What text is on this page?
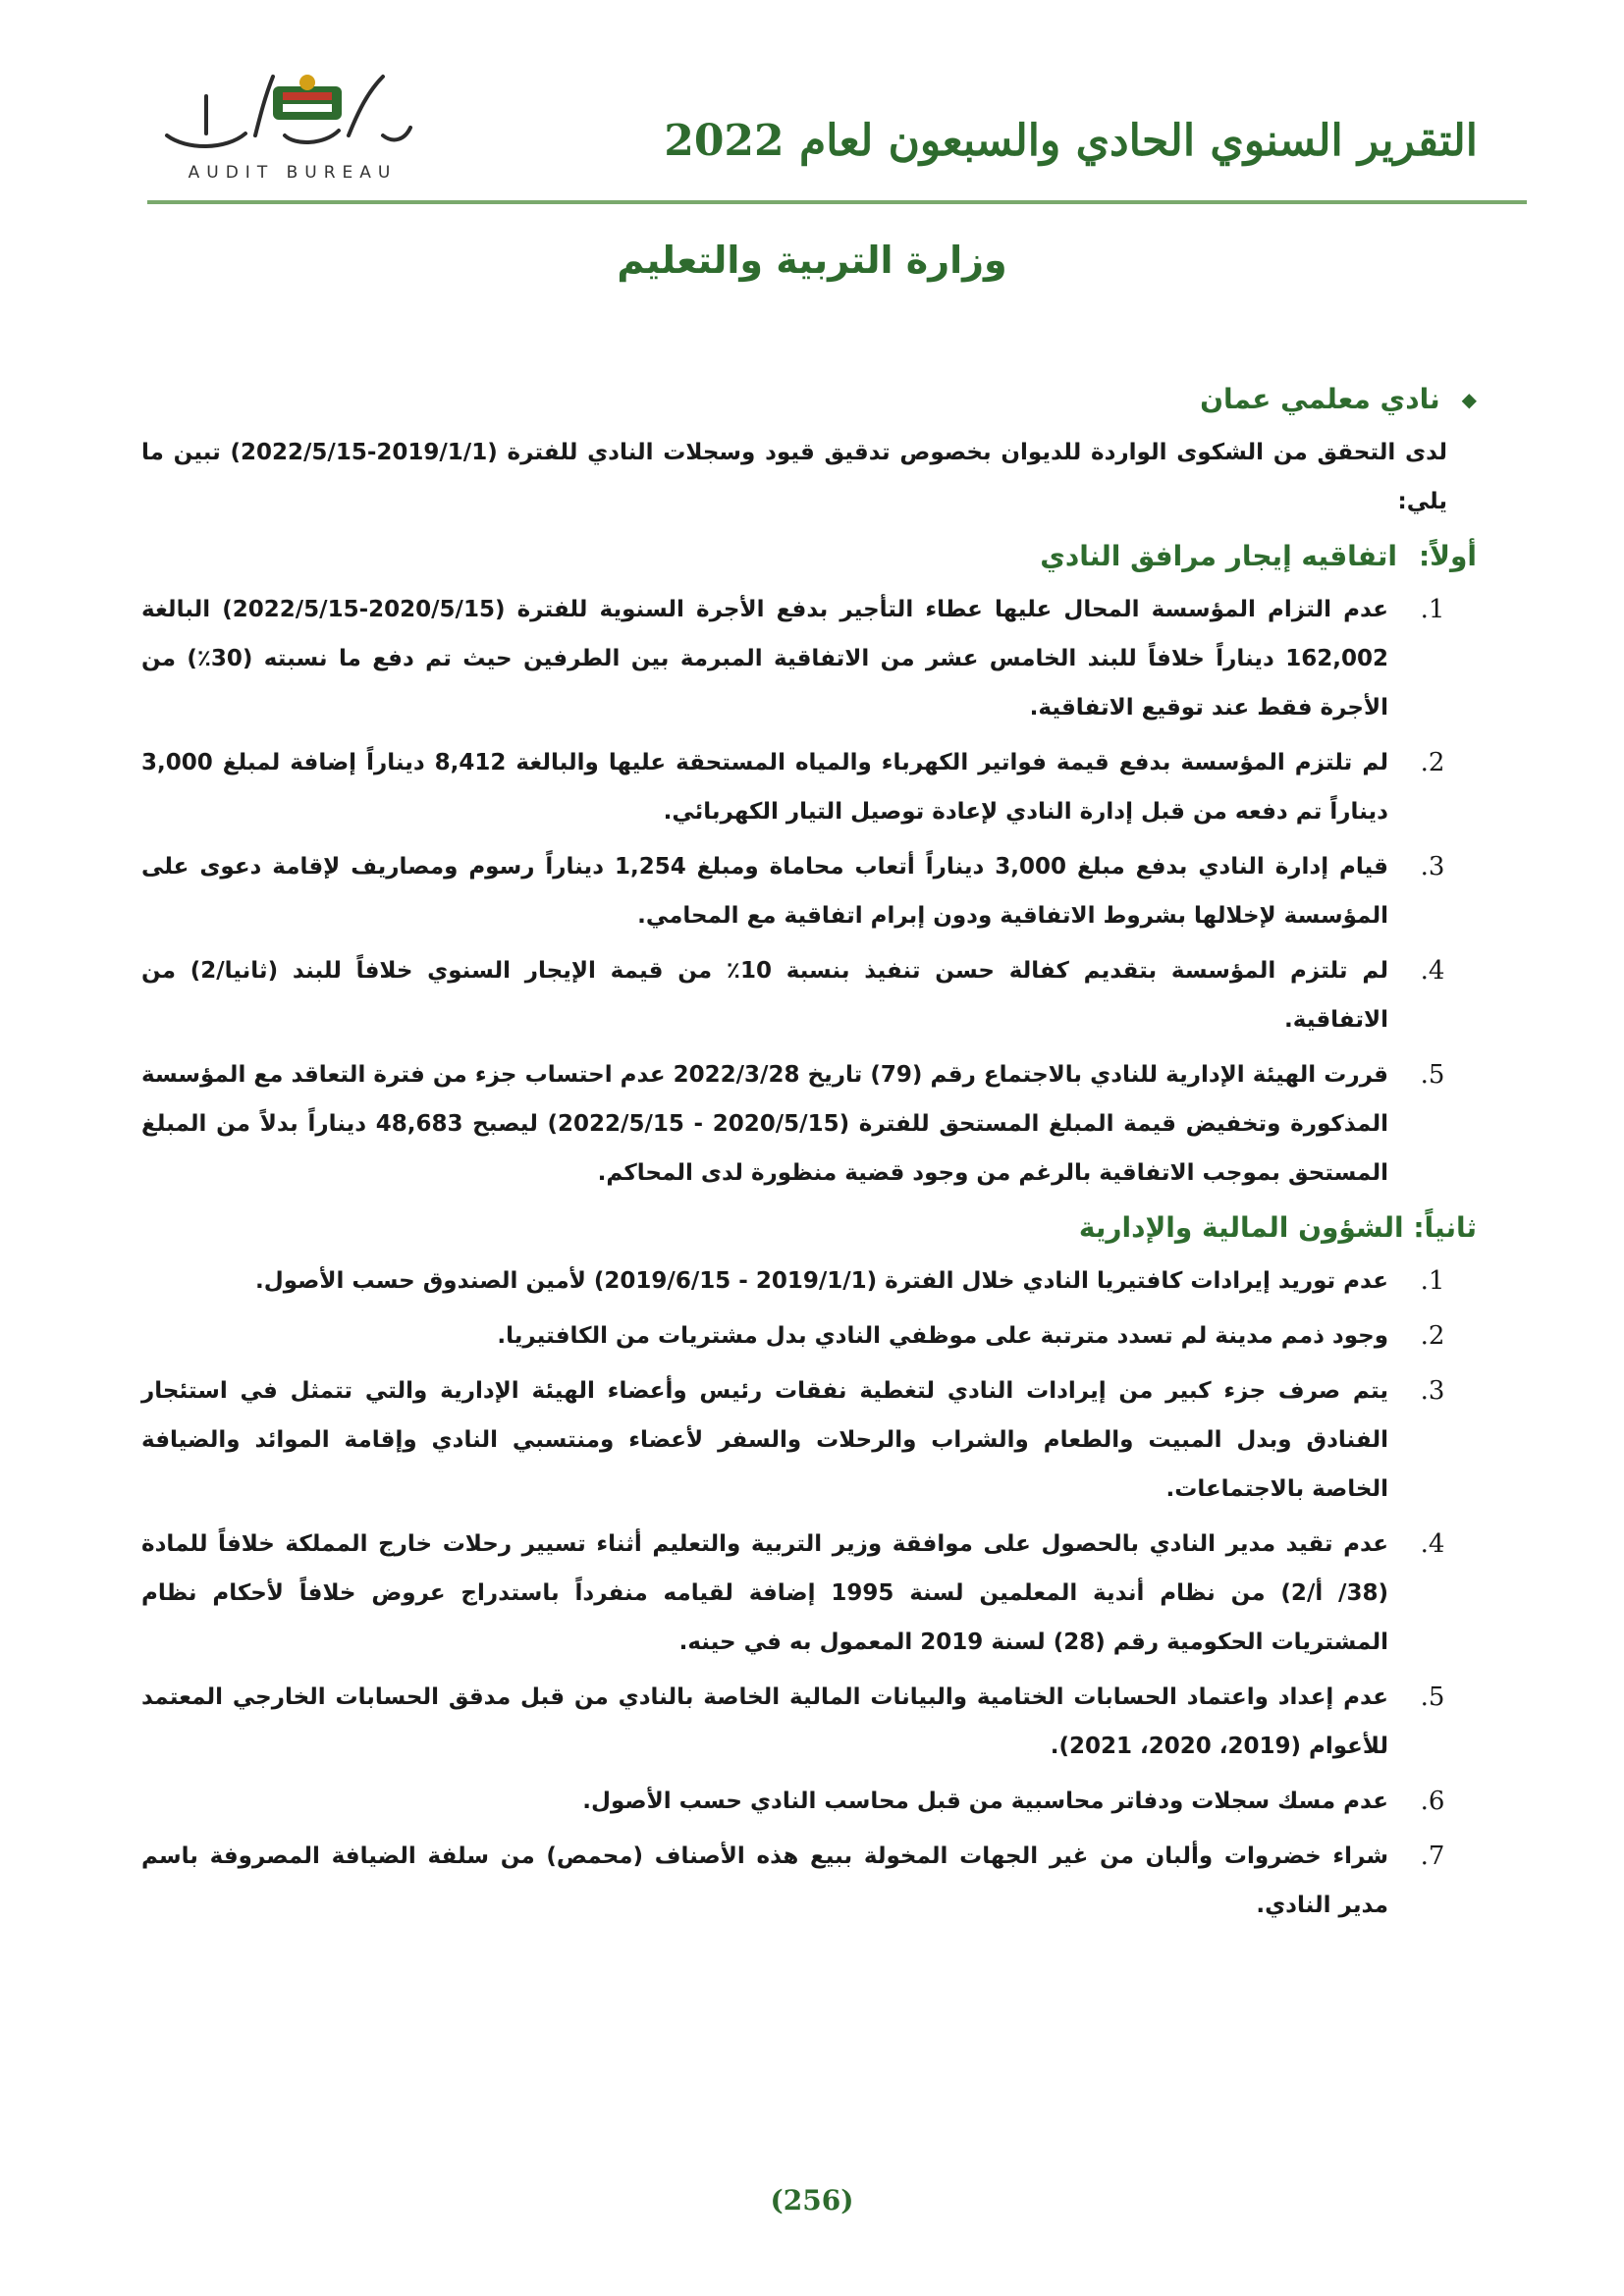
التقرير السنوي الحادي والسبعون لعام 2022
AUDIT BUREAU
وزارة التربية والتعليم
◆
نادي معلمي عمان
لدى التحقق من الشكوى الواردة للديوان بخصوص تدقيق قيود وسجلات النادي للفترة (2019/1/1-2022/5/15) تبين ما يلي:
أولاً:اتفاقيه إيجار مرافق النادي
1.
عدم التزام المؤسسة المحال عليها عطاء التأجير بدفع الأجرة السنوية للفترة (2020/5/15-2022/5/15) البالغة 162,002 ديناراً خلافاً للبند الخامس عشر من الاتفاقية المبرمة بين الطرفين حيث تم دفع ما نسبته (30٪) من الأجرة فقط عند توقيع الاتفاقية.
2.
لم تلتزم المؤسسة بدفع قيمة فواتير الكهرباء والمياه المستحقة عليها والبالغة 8,412 ديناراً إضافة لمبلغ 3,000 ديناراً تم دفعه من قبل إدارة النادي لإعادة توصيل التيار الكهربائي.
3.
قيام إدارة النادي بدفع مبلغ 3,000 ديناراً أتعاب محاماة ومبلغ 1,254 ديناراً رسوم ومصاريف لإقامة دعوى على المؤسسة لإخلالها بشروط الاتفاقية ودون إبرام اتفاقية مع المحامي.
4.
لم تلتزم المؤسسة بتقديم كفالة حسن تنفيذ بنسبة 10٪ من قيمة الإيجار السنوي خلافاً للبند (ثانيا/2) من الاتفاقية.
5.
قررت الهيئة الإدارية للنادي بالاجتماع رقم (79) تاريخ 2022/3/28 عدم احتساب جزء من فترة التعاقد مع المؤسسة المذكورة وتخفيض قيمة المبلغ المستحق للفترة (2020/5/15 - 2022/5/15) ليصبح 48,683 ديناراً بدلاً من المبلغ المستحق بموجب الاتفاقية بالرغم من وجود قضية منظورة لدى المحاكم.
ثانياً: الشؤون المالية والإدارية
1.
عدم توريد إيرادات كافتيريا النادي خلال الفترة (2019/1/1 - 2019/6/15) لأمين الصندوق حسب الأصول.
2.
وجود ذمم مدينة لم تسدد مترتبة على موظفي النادي بدل مشتريات من الكافتيريا.
3.
يتم صرف جزء كبير من إيرادات النادي لتغطية نفقات رئيس وأعضاء الهيئة الإدارية والتي تتمثل في استئجار الفنادق وبدل المبيت والطعام والشراب والرحلات والسفر لأعضاء ومنتسبي النادي وإقامة الموائد والضيافة الخاصة بالاجتماعات.
4.
عدم تقيد مدير النادي بالحصول على موافقة وزير التربية والتعليم أثناء تسيير رحلات خارج المملكة خلافاً للمادة (38/ أ/2) من نظام أندية المعلمين لسنة 1995 إضافة لقيامه منفرداً باستدراج عروض خلافاً لأحكام نظام المشتريات الحكومية رقم (28) لسنة 2019 المعمول به في حينه.
5.
عدم إعداد واعتماد الحسابات الختامية والبيانات المالية الخاصة بالنادي من قبل مدقق الحسابات الخارجي المعتمد للأعوام (2019، 2020، 2021).
6.
عدم مسك سجلات ودفاتر محاسبية من قبل محاسب النادي حسب الأصول.
7.
شراء خضروات وألبان من غير الجهات المخولة ببيع هذه الأصناف (محمص) من سلفة الضيافة المصروفة باسم مدير النادي.
(256)
